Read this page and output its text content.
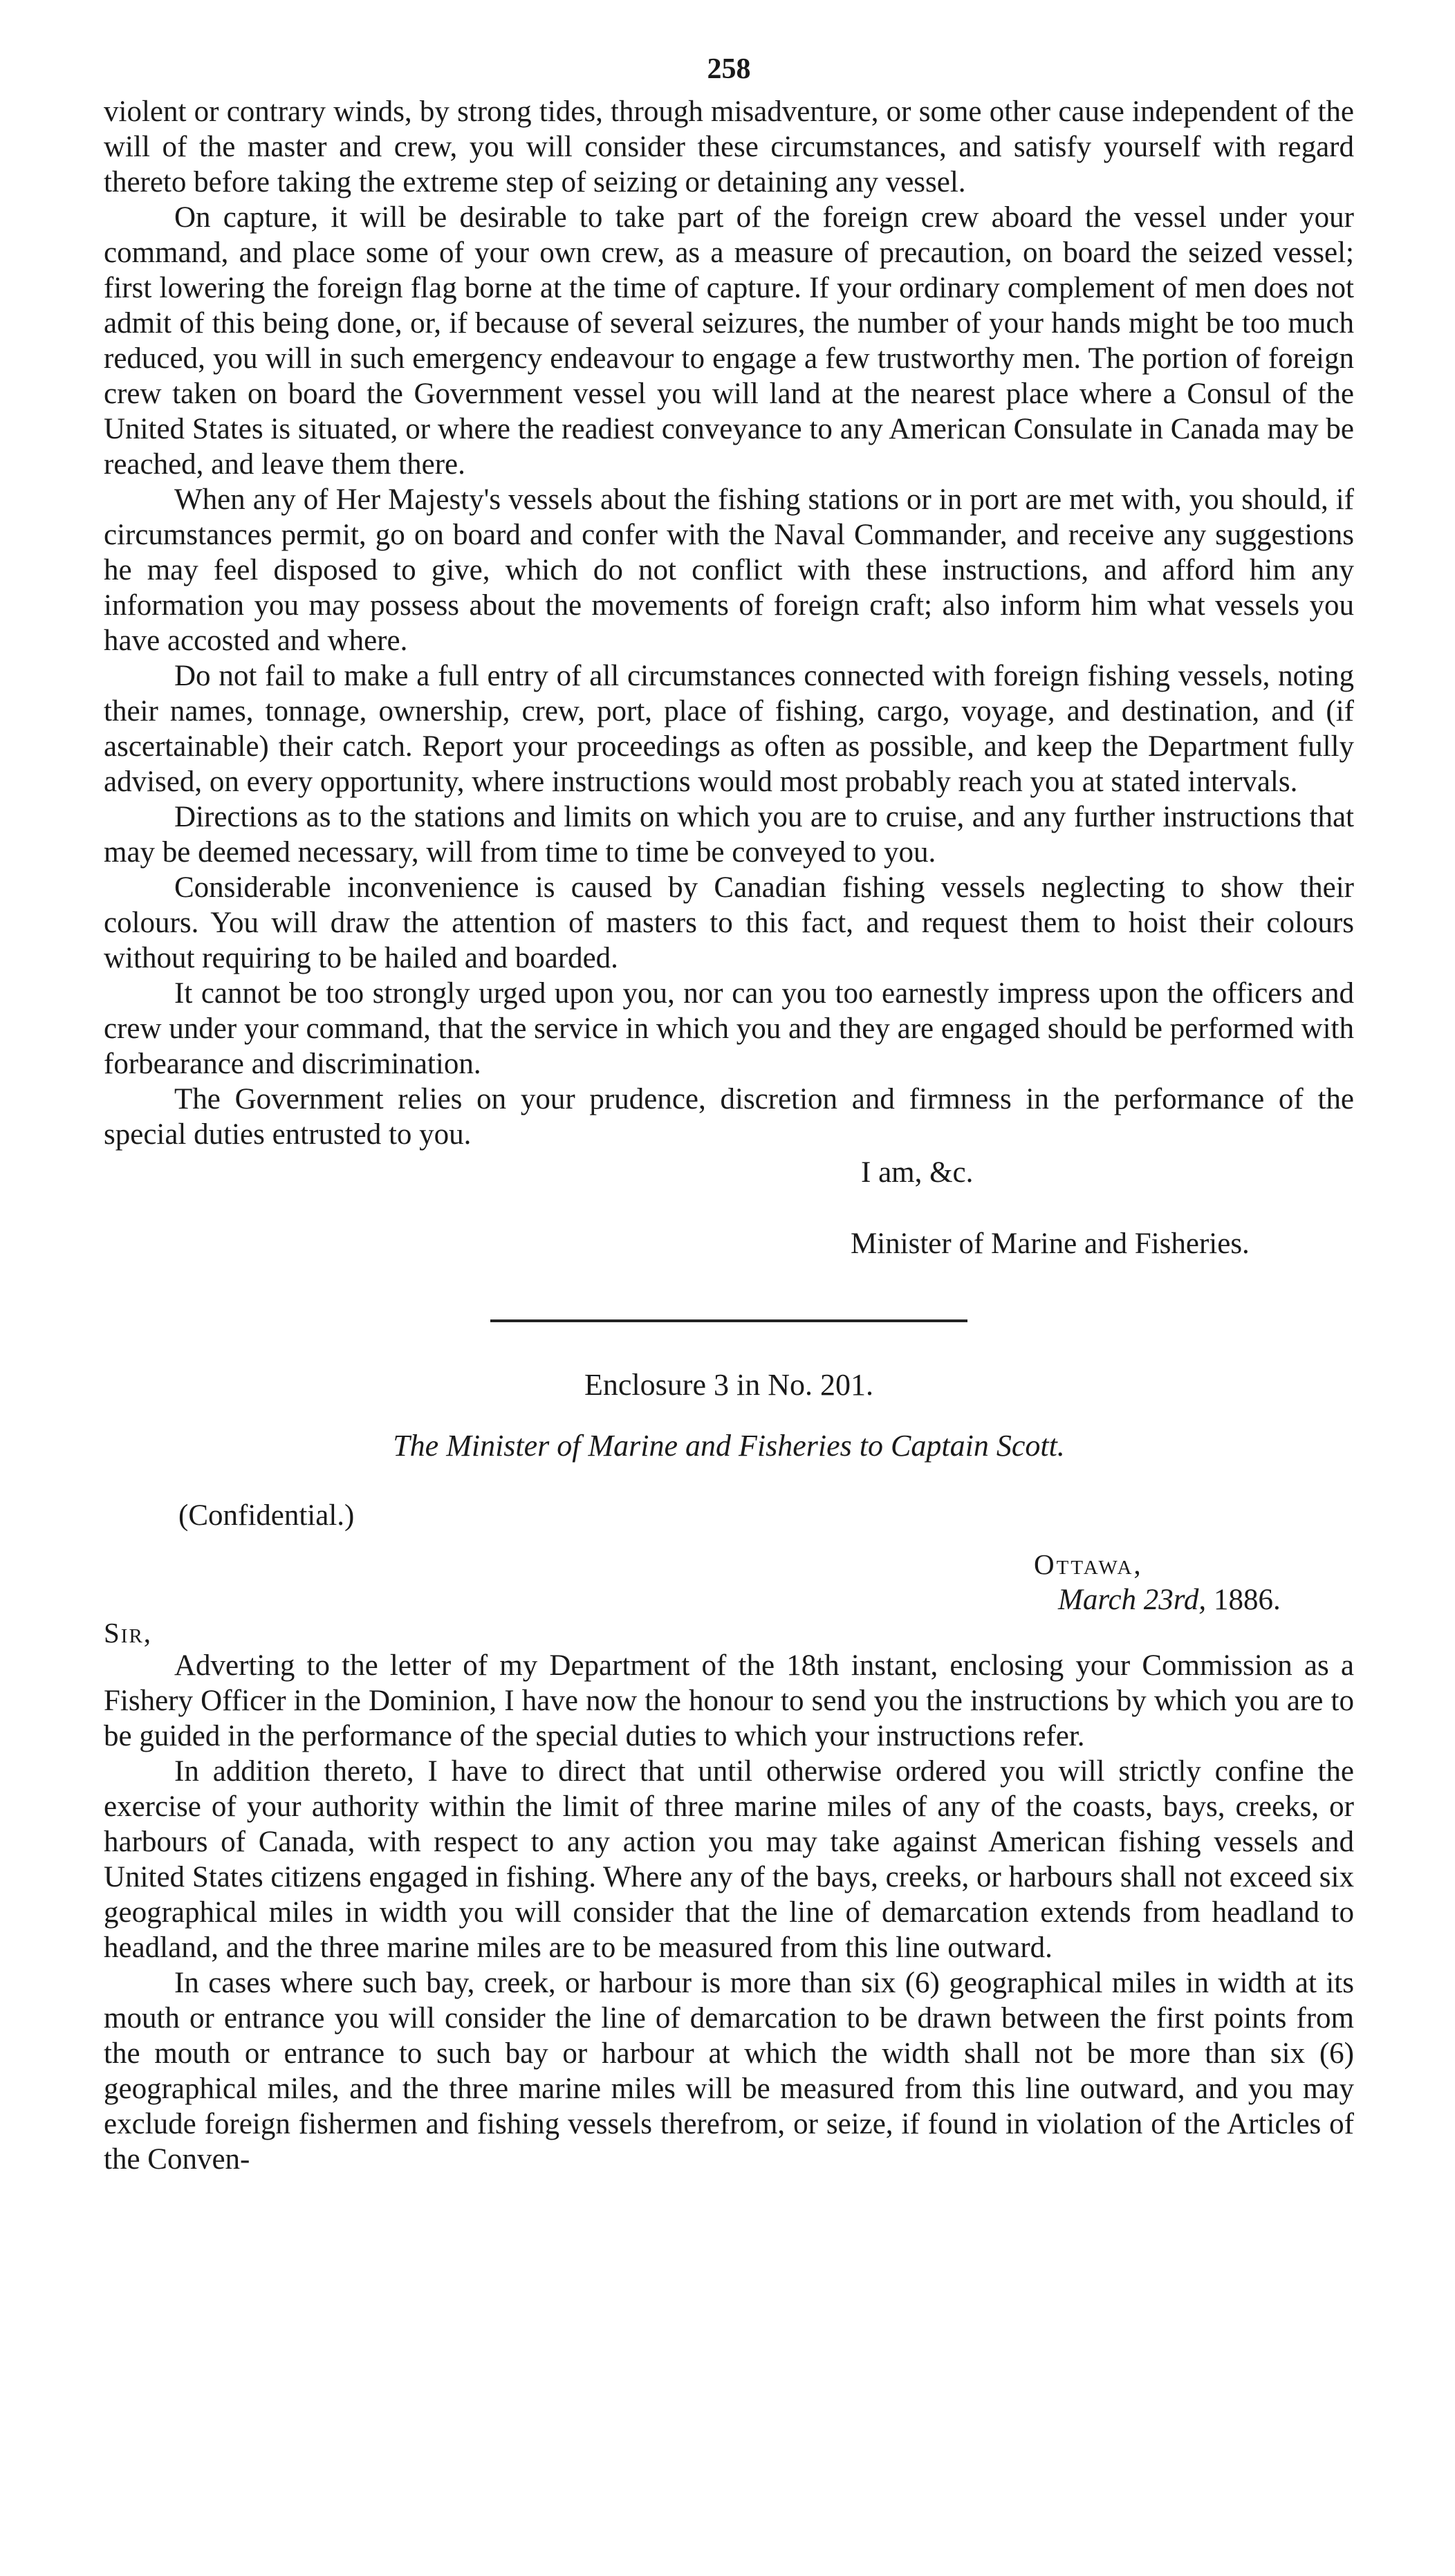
258

violent or contrary winds, by strong tides, through misadventure, or some other cause independent of the will of the master and crew, you will consider these circumstances, and satisfy yourself with regard thereto before taking the extreme step of seizing or detaining any vessel.

On capture, it will be desirable to take part of the foreign crew aboard the vessel under your command, and place some of your own crew, as a measure of precaution, on board the seized vessel; first lowering the foreign flag borne at the time of capture. If your ordinary complement of men does not admit of this being done, or, if because of several seizures, the number of your hands might be too much reduced, you will in such emergency endeavour to engage a few trustworthy men. The portion of foreign crew taken on board the Government vessel you will land at the nearest place where a Consul of the United States is situated, or where the readiest conveyance to any American Consulate in Canada may be reached, and leave them there.

When any of Her Majesty's vessels about the fishing stations or in port are met with, you should, if circumstances permit, go on board and confer with the Naval Commander, and receive any suggestions he may feel disposed to give, which do not conflict with these instructions, and afford him any information you may possess about the movements of foreign craft; also inform him what vessels you have accosted and where.

Do not fail to make a full entry of all circumstances connected with foreign fishing vessels, noting their names, tonnage, ownership, crew, port, place of fishing, cargo, voyage, and destination, and (if ascertainable) their catch. Report your proceedings as often as possible, and keep the Department fully advised, on every opportunity, where instructions would most probably reach you at stated intervals.

Directions as to the stations and limits on which you are to cruise, and any further instructions that may be deemed necessary, will from time to time be conveyed to you.

Considerable inconvenience is caused by Canadian fishing vessels neglecting to show their colours. You will draw the attention of masters to this fact, and request them to hoist their colours without requiring to be hailed and boarded.

It cannot be too strongly urged upon you, nor can you too earnestly impress upon the officers and crew under your command, that the service in which you and they are engaged should be performed with forbearance and discrimination.

The Government relies on your prudence, discretion and firmness in the performance of the special duties entrusted to you.

I am, &c.
Minister of Marine and Fisheries.
Enclosure 3 in No. 201.
The Minister of Marine and Fisheries to Captain Scott.
(Confidential.)
Ottawa,
March 23rd, 1886.

Sir,

Adverting to the letter of my Department of the 18th instant, enclosing your Commission as a Fishery Officer in the Dominion, I have now the honour to send you the instructions by which you are to be guided in the performance of the special duties to which your instructions refer.

In addition thereto, I have to direct that until otherwise ordered you will strictly confine the exercise of your authority within the limit of three marine miles of any of the coasts, bays, creeks, or harbours of Canada, with respect to any action you may take against American fishing vessels and United States citizens engaged in fishing. Where any of the bays, creeks, or harbours shall not exceed six geographical miles in width you will consider that the line of demarcation extends from headland to headland, and the three marine miles are to be measured from this line outward.

In cases where such bay, creek, or harbour is more than six (6) geographical miles in width at its mouth or entrance you will consider the line of demarcation to be drawn between the first points from the mouth or entrance to such bay or harbour at which the width shall not be more than six (6) geographical miles, and the three marine miles will be measured from this line outward, and you may exclude foreign fishermen and fishing vessels therefrom, or seize, if found in violation of the Articles of the Conven-
